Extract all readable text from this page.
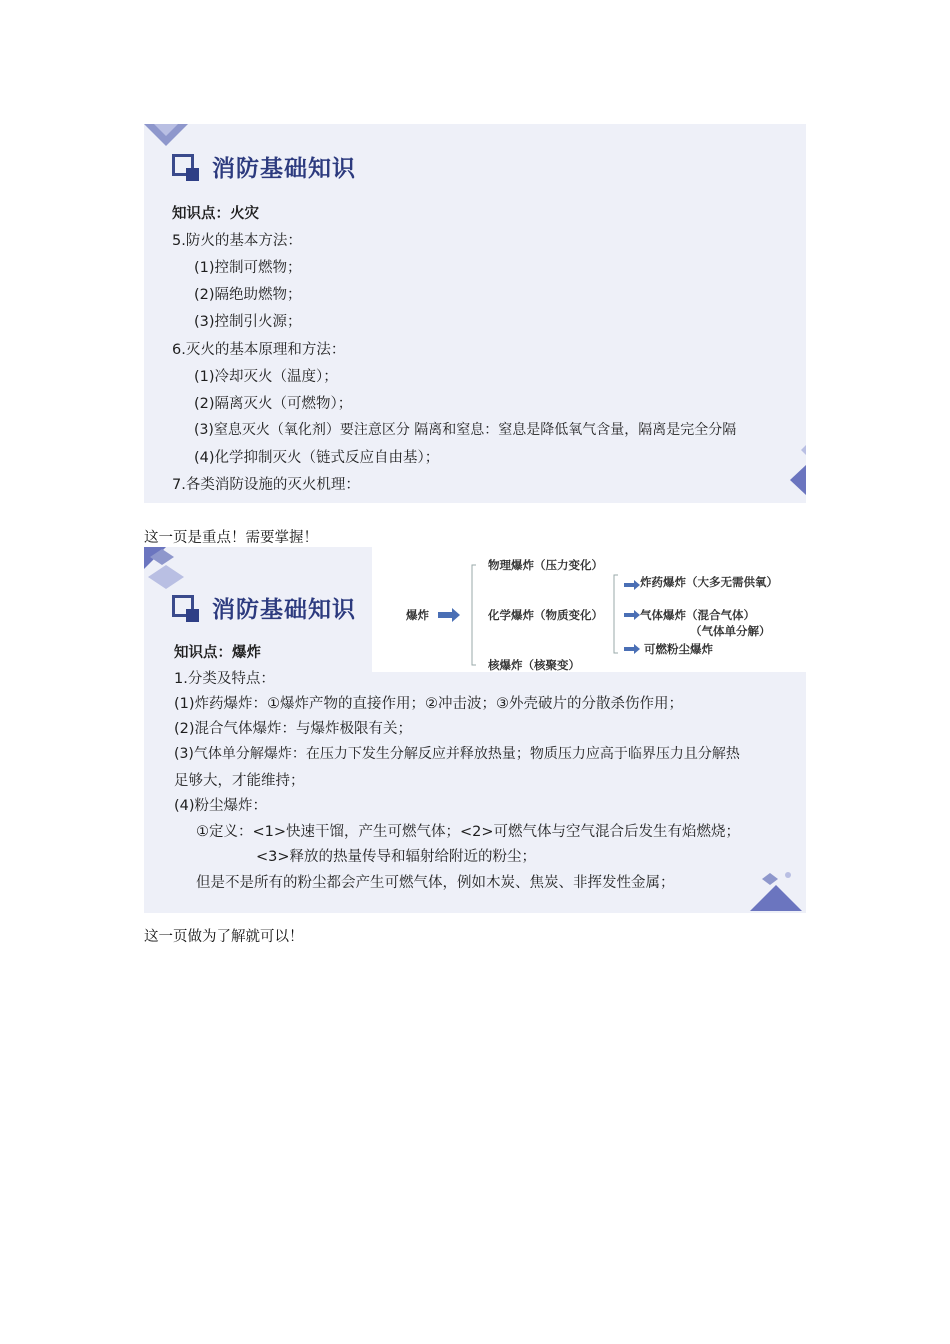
消防基础知识
知识点：火灾
5.防火的基本方法：
(1)控制可燃物；
(2)隔绝助燃物；
(3)控制引火源；
6.灭火的基本原理和方法：
(1)冷却灭火（温度）；
(2)隔离灭火（可燃物）；
(3)窒息灭火（氧化剂）要注意区分 隔离和窒息：窒息是降低氧气含量，隔离是完全分隔
(4)化学抑制灭火（链式反应自由基）；
7.各类消防设施的灭火机理：
这一页是重点！需要掌握！
消防基础知识	爆炸
物理爆炸（压力变化）
化学爆炸（物质变化）
核爆炸（核聚变）
炸药爆炸（大多无需供氧）
气体爆炸（混合气体）
（气体单分解）
可燃粉尘爆炸
知识点：爆炸
1.分类及特点：
(1)炸药爆炸：①爆炸产物的直接作用；②冲击波；③外壳破片的分散杀伤作用；
(2)混合气体爆炸：与爆炸极限有关；
(3)气体单分解爆炸：在压力下发生分解反应并释放热量；物质压力应高于临界压力且分解热
足够大，才能维持；
(4)粉尘爆炸：
①定义：<1>快速干馏，产生可燃气体；<2>可燃气体与空气混合后发生有焰燃烧；
<3>释放的热量传导和辐射给附近的粉尘；
但是不是所有的粉尘都会产生可燃气体，例如木炭、焦炭、非挥发性金属；
这一页做为了解就可以！
